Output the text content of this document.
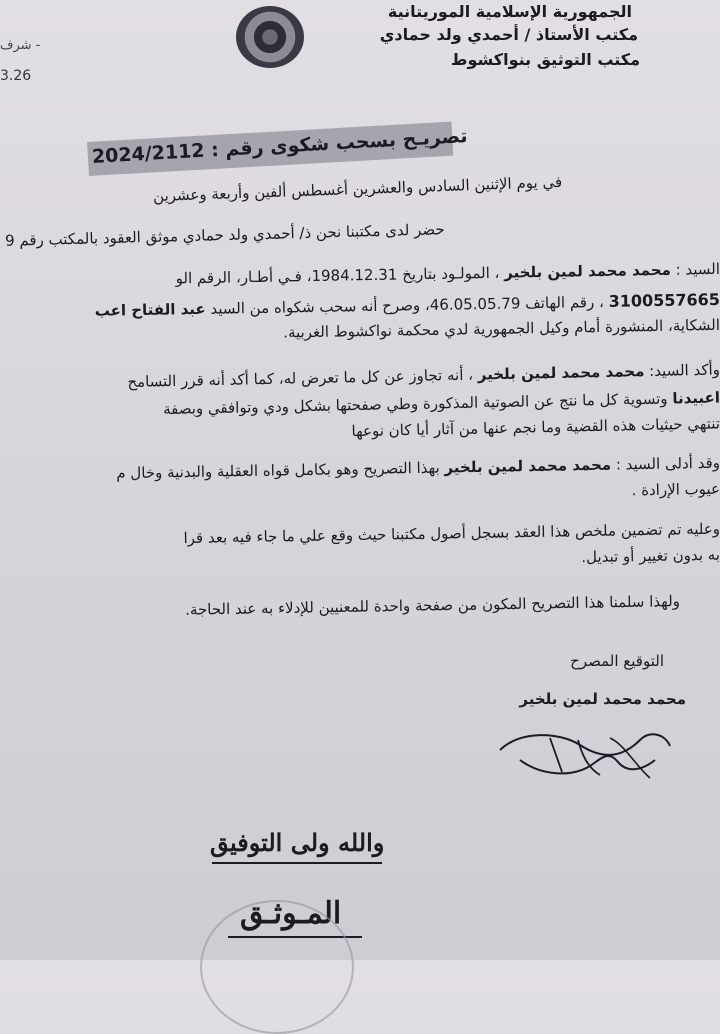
الجمهورية الإسلامية الموريتانية
مكتب الأستاذ / أحمدي ولد حمادي
مكتب التوثيق بنواكشوط
شرف -
3.26
تصريـح بسحب شكوى رقم : 2024/2112
في يوم الإثنين السادس والعشرين أغسطس ألفين وأربعة وعشرين
حضر لدى مكتبنا نحن ذ/ أحمدي ولد حمادي موثق العقود بالمكتب رقم 9
السيد : محمد محمد لمين بلخير ، المولـود بتاريخ 1984.12.31، فـي أطـار، الرقم الو
3100557665 ، رقم الهاتف 46.05.05.79، وصرح أنه سحب شكواه من السيد عبد الفتاح اعب
الشكاية، المنشورة أمام وكيل الجمهورية لدي محكمة نواكشوط الغربية.
وأكد السيد: محمد محمد لمين بلخير ، أنه تجاوز عن كل ما تعرض له، كما أكد أنه قرر التسامح
اعبيدنا وتسوية كل ما نتج عن الصوتية المذكورة وطي صفحتها بشكل ودي وتوافقي وبصفة
تنتهي حيثيات هذه القضية وما نجم عنها من آثار أيا كان نوعها
وقد أدلى السيد : محمد محمد لمين بلخير بهذا التصريح وهو بكامل قواه العقلية والبدنية وخال م
عيوب الإرادة .
وعليه تم تضمين ملخص هذا العقد بسجل أصول مكتبنا حيث وقع علي ما جاء فيه بعد قرا
به بدون تغيير أو تبديل.
ولهذا سلمنا هذا التصريح المكون من صفحة واحدة للمعنيين للإدلاء به عند الحاجة.
التوقيع المصرح
محمد محمد لمين بلخير
والله ولى التوفيق
المـوثـق
